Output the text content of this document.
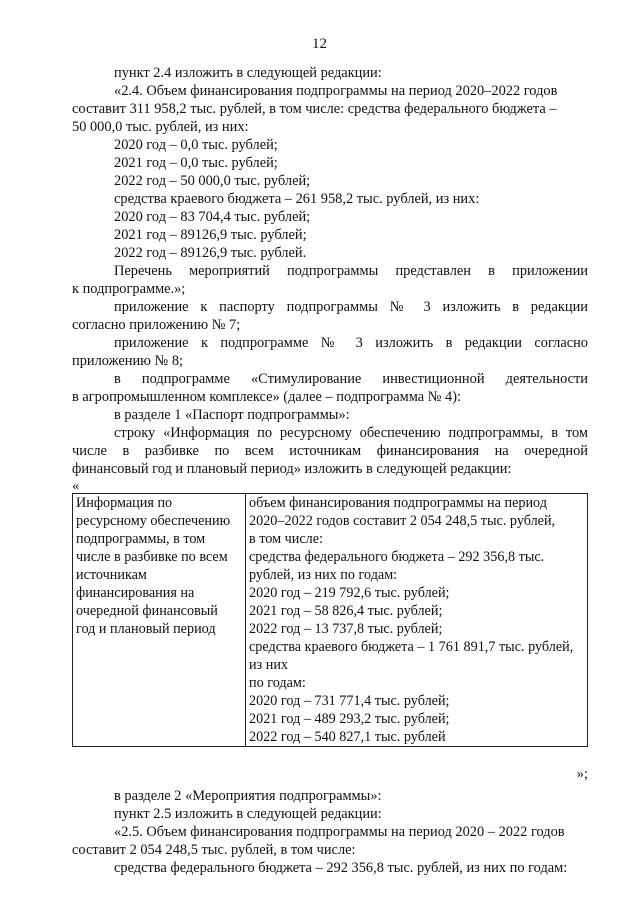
12
пункт 2.4 изложить в следующей редакции:
«2.4. Объем финансирования подпрограммы на период 2020–2022 годов
составит 311 958,2 тыс. рублей, в том числе: средства федерального бюджета –
50 000,0 тыс. рублей, из них:
2020 год – 0,0 тыс. рублей;
2021 год – 0,0 тыс. рублей;
2022 год – 50 000,0 тыс. рублей;
средства краевого бюджета – 261 958,2 тыс. рублей, из них:
2020 год – 83 704,4 тыс. рублей;
2021 год – 89126,9 тыс. рублей;
2022 год – 89126,9 тыс. рублей.
Перечень мероприятий подпрограммы представлен в приложении
к подпрограмме.»;
приложение к паспорту подпрограммы № 3 изложить в редакции
согласно приложению № 7;
приложение к подпрограмме № 3 изложить в редакции согласно
приложению № 8;
в подпрограмме «Стимулирование инвестиционной деятельности
в агропромышленном комплексе» (далее – подпрограмма № 4):
в разделе 1 «Паспорт подпрограммы»:
строку «Информация по ресурсному обеспечению подпрограммы, в том
числе в разбивке по всем источникам финансирования на очередной
финансовый год и плановый период» изложить в следующей редакции:
«
Информация по
ресурсному обеспечению
подпрограммы, в том
числе в разбивке по всем
источникам
финансирования на
очередной финансовый
год и плановый период

объем финансирования подпрограммы на период
2020–2022 годов составит 2 054 248,5 тыс. рублей,
в том числе:
средства федерального бюджета – 292 356,8 тыс.
рублей, из них по годам:
2020 год – 219 792,6 тыс. рублей;
2021 год – 58 826,4 тыс. рублей;
2022 год – 13 737,8 тыс. рублей;
средства краевого бюджета – 1 761 891,7 тыс. рублей,
из них
по годам:
2020 год – 731 771,4 тыс. рублей;
2021 год – 489 293,2 тыс. рублей;
2022 год – 540 827,1 тыс. рублей
»;
в разделе 2 «Мероприятия подпрограммы»:
пункт 2.5 изложить в следующей редакции:
«2.5. Объем финансирования подпрограммы на период 2020 – 2022 годов
составит 2 054 248,5 тыс. рублей, в том числе:
средства федерального бюджета – 292 356,8 тыс. рублей, из них по годам:
